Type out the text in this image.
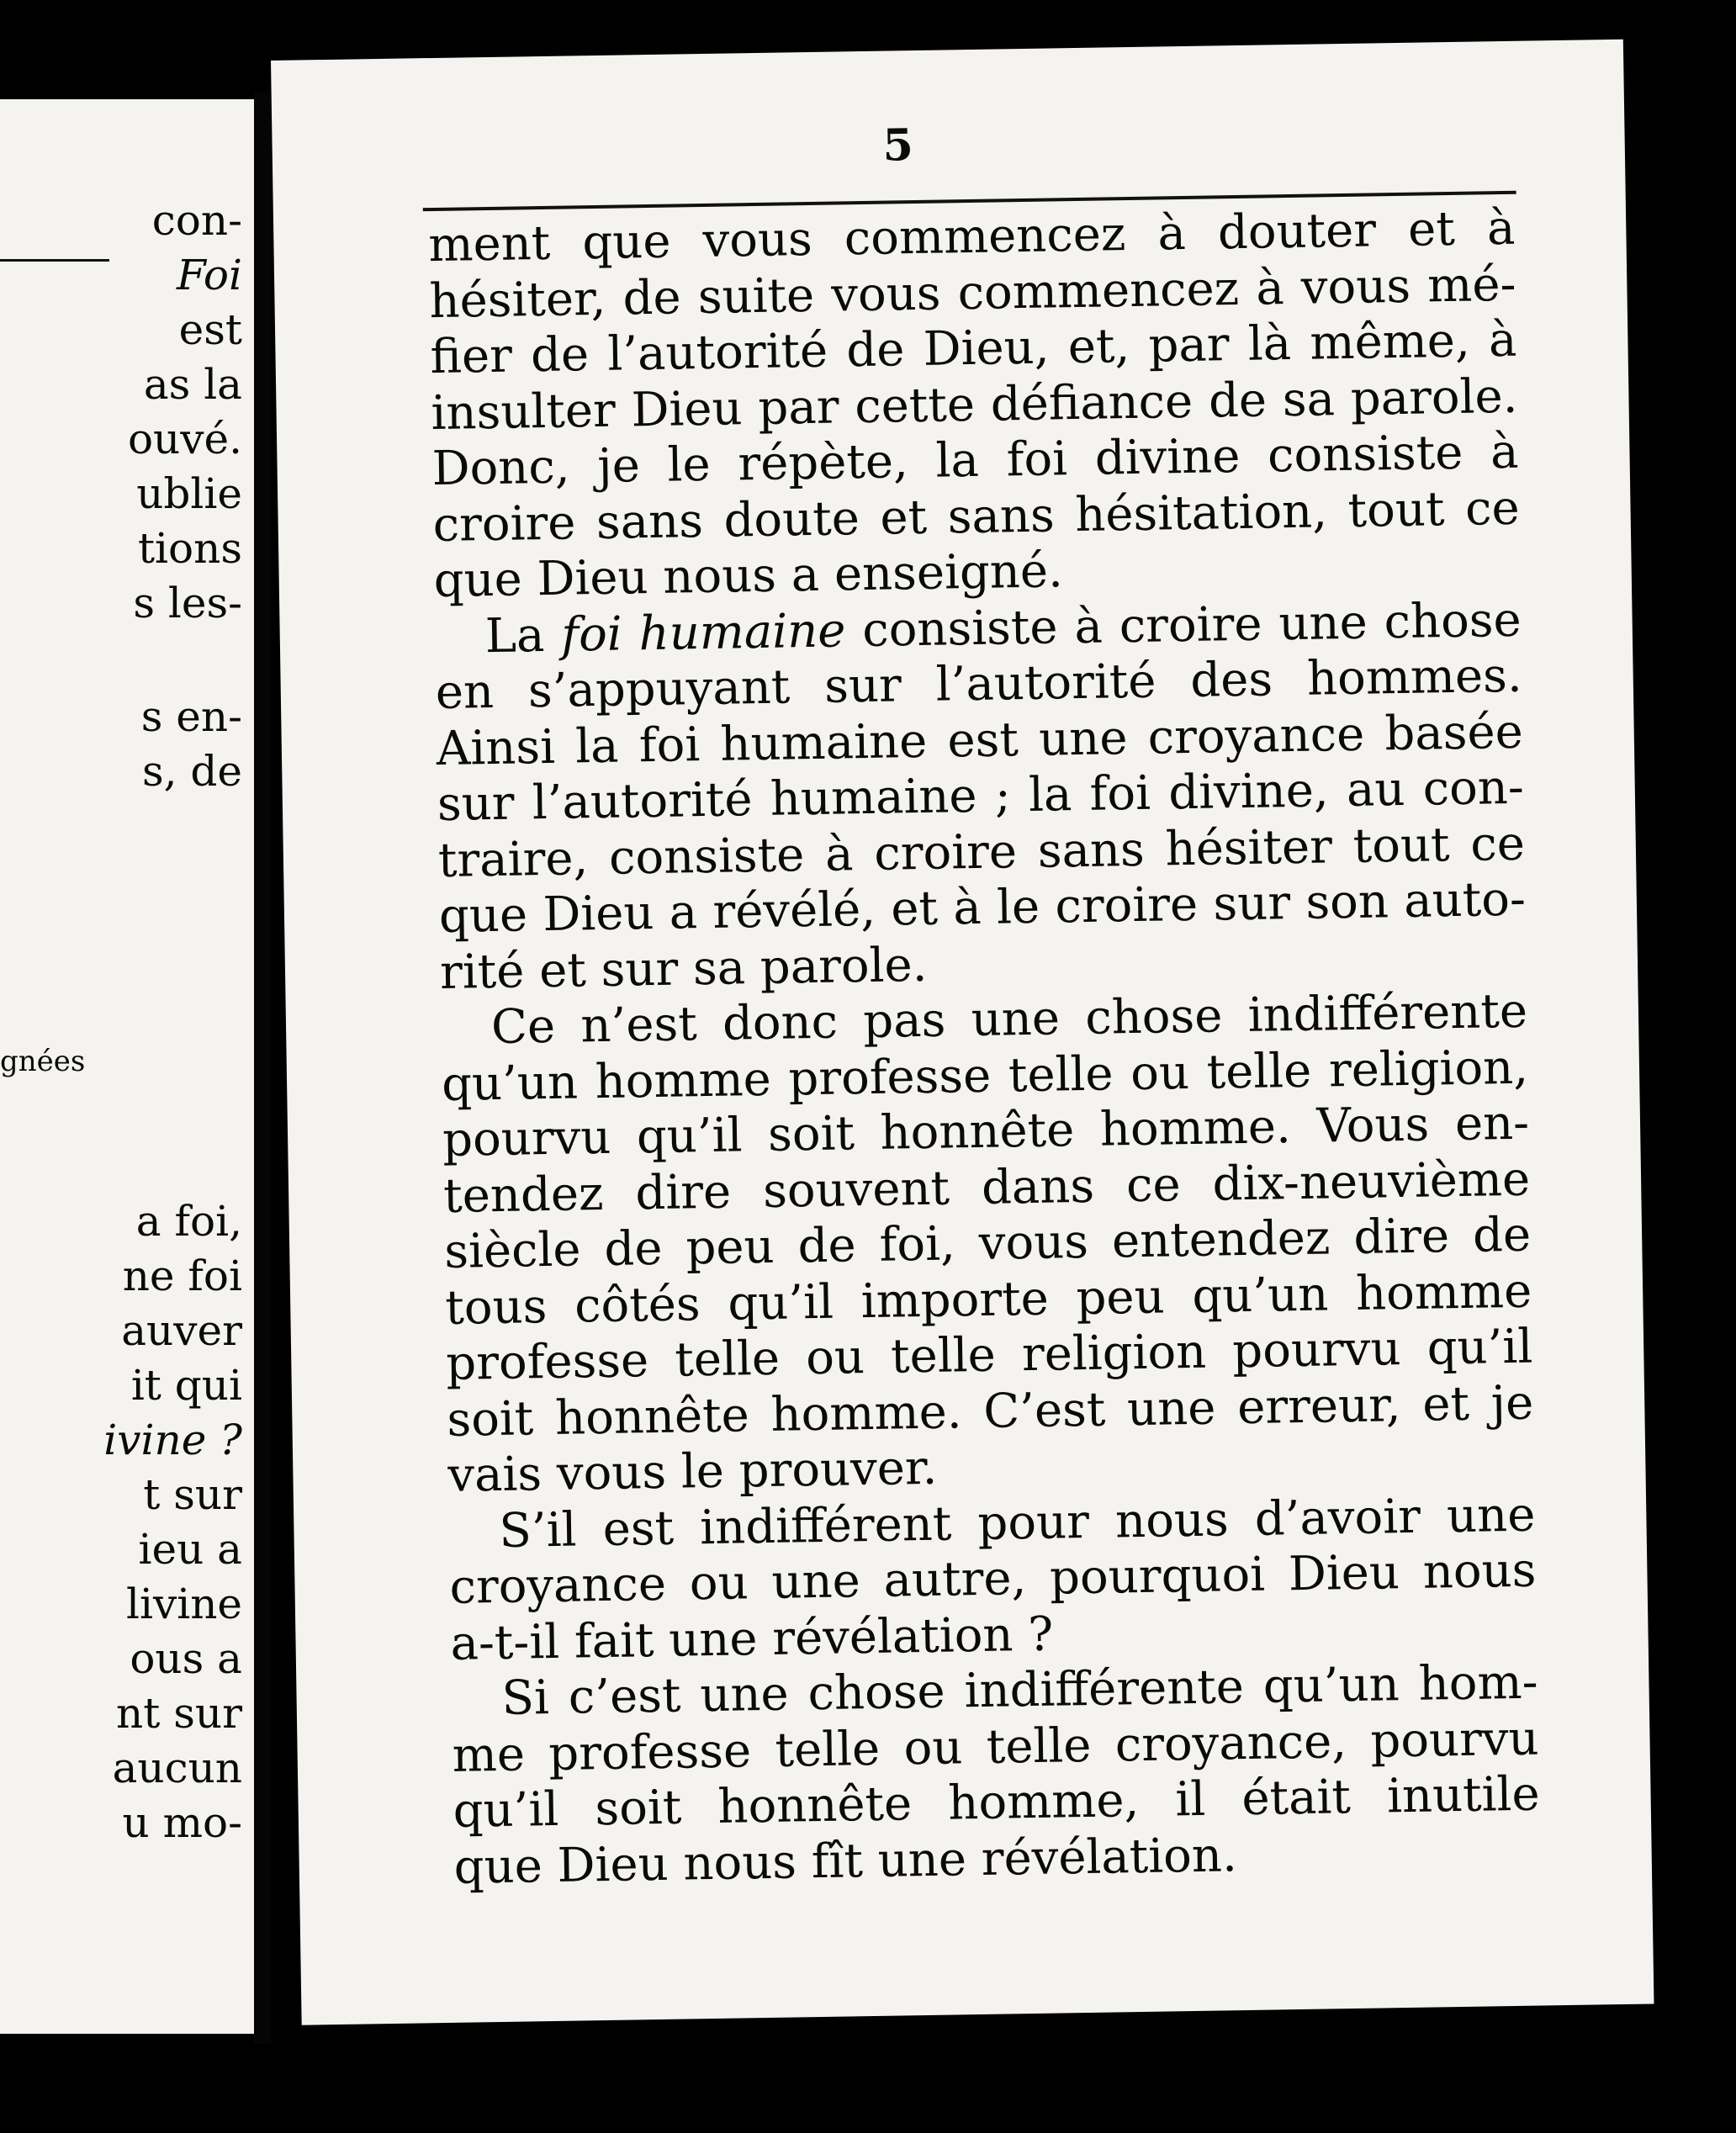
con-

Foi

est

as la

ouvé.

ublie

tions

s les-

s en-

s, de

gnées

a foi,

ne foi

auver

it qui

ivine ?

t sur

ieu a

livine

ous a

nt sur

aucun

u mo-

5

ment que vous commencez à douter et à
hésiter, de suite vous commencez à vous mé-
fier de l’autorité de Dieu, et, par là même, à
insulter Dieu par cette défiance de sa parole.
Donc, je le répète, la foi divine consiste à
croire sans doute et sans hésitation, tout ce
que Dieu nous a enseigné.
La foi humaine consiste à croire une chose
en s’appuyant sur l’autorité des hommes.
Ainsi la foi humaine est une croyance basée
sur l’autorité humaine ; la foi divine, au con-
traire, consiste à croire sans hésiter tout ce
que Dieu a révélé, et à le croire sur son auto-
rité et sur sa parole.
Ce n’est donc pas une chose indifférente
qu’un homme professe telle ou telle religion,
pourvu qu’il soit honnête homme. Vous en-
tendez dire souvent dans ce dix-neuvième
siècle de peu de foi, vous entendez dire de
tous côtés qu’il importe peu qu’un homme
professe telle ou telle religion pourvu qu’il
soit honnête homme. C’est une erreur, et je
vais vous le prouver.
S’il est indifférent pour nous d’avoir une
croyance ou une autre, pourquoi Dieu nous
a-t-il fait une révélation ?
Si c’est une chose indifférente qu’un hom-
me professe telle ou telle croyance, pourvu
qu’il soit honnête homme, il était inutile
que Dieu nous fît une révélation.
